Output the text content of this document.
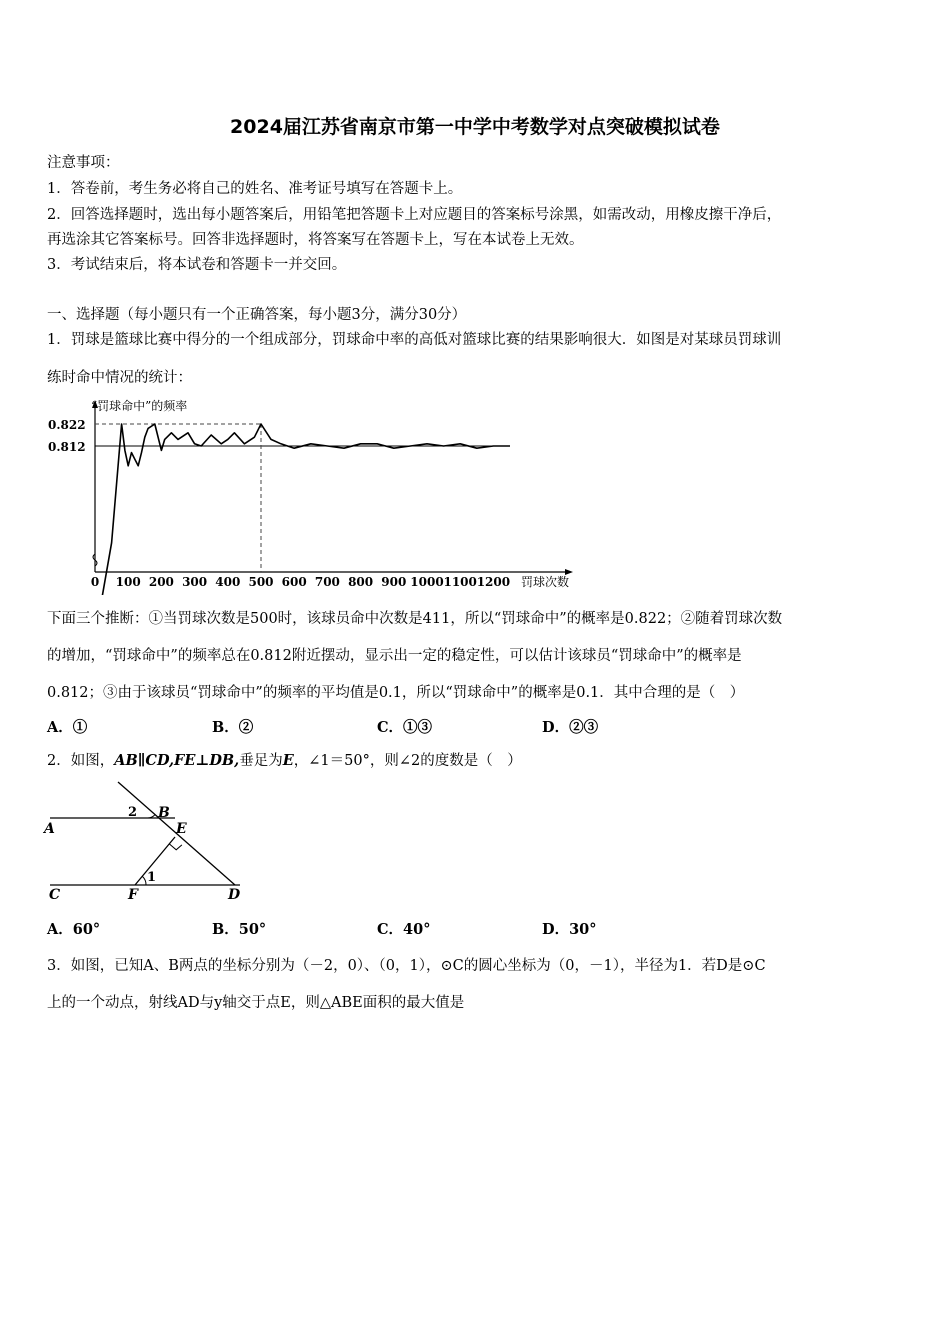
2024届江苏省南京市第一中学中考数学对点突破模拟试卷
注意事项：
1．答卷前，考生务必将自己的姓名、准考证号填写在答题卡上。
2．回答选择题时，选出每小题答案后，用铅笔把答题卡上对应题目的答案标号涂黑，如需改动，用橡皮擦干净后，
再选涂其它答案标号。回答非选择题时，将答案写在答题卡上，写在本试卷上无效。
3．考试结束后，将本试卷和答题卡一并交回。
一、选择题（每小题只有一个正确答案，每小题3分，满分30分）
1．罚球是篮球比赛中得分的一个组成部分，罚球命中率的高低对篮球比赛的结果影响很大．如图是对某球员罚球训
练时命中情况的统计：
“罚球命中”的频率
罚球次数
0.822
0.812
0 100 200 300 400 500 600 700 800 900 1000 1100 1200
下面三个推断：①当罚球次数是500时，该球员命中次数是411，所以“罚球命中”的概率是0.822；②随着罚球次数
的增加，“罚球命中”的频率总在0.812附近摆动，显示出一定的稳定性，可以估计该球员“罚球命中”的概率是
0.812；③由于该球员“罚球命中”的频率的平均值是0.1，所以“罚球命中”的概率是0.1．其中合理的是（　）
A．①	B．②	C．①③	D．②③
2．如图，AB∥CD,FE⊥DB,垂足为E，∠1＝50°，则∠2的度数是（　）
A
2 B
E
1
C	F	D
A．60°	B．50°	C．40°	D．30°
3．如图，已知A、B两点的坐标分别为（－2，0）、（0，1），⊙C的圆心坐标为（0，－1），半径为1．若D是⊙C
上的一个动点，射线AD与y轴交于点E，则△ABE面积的最大值是
